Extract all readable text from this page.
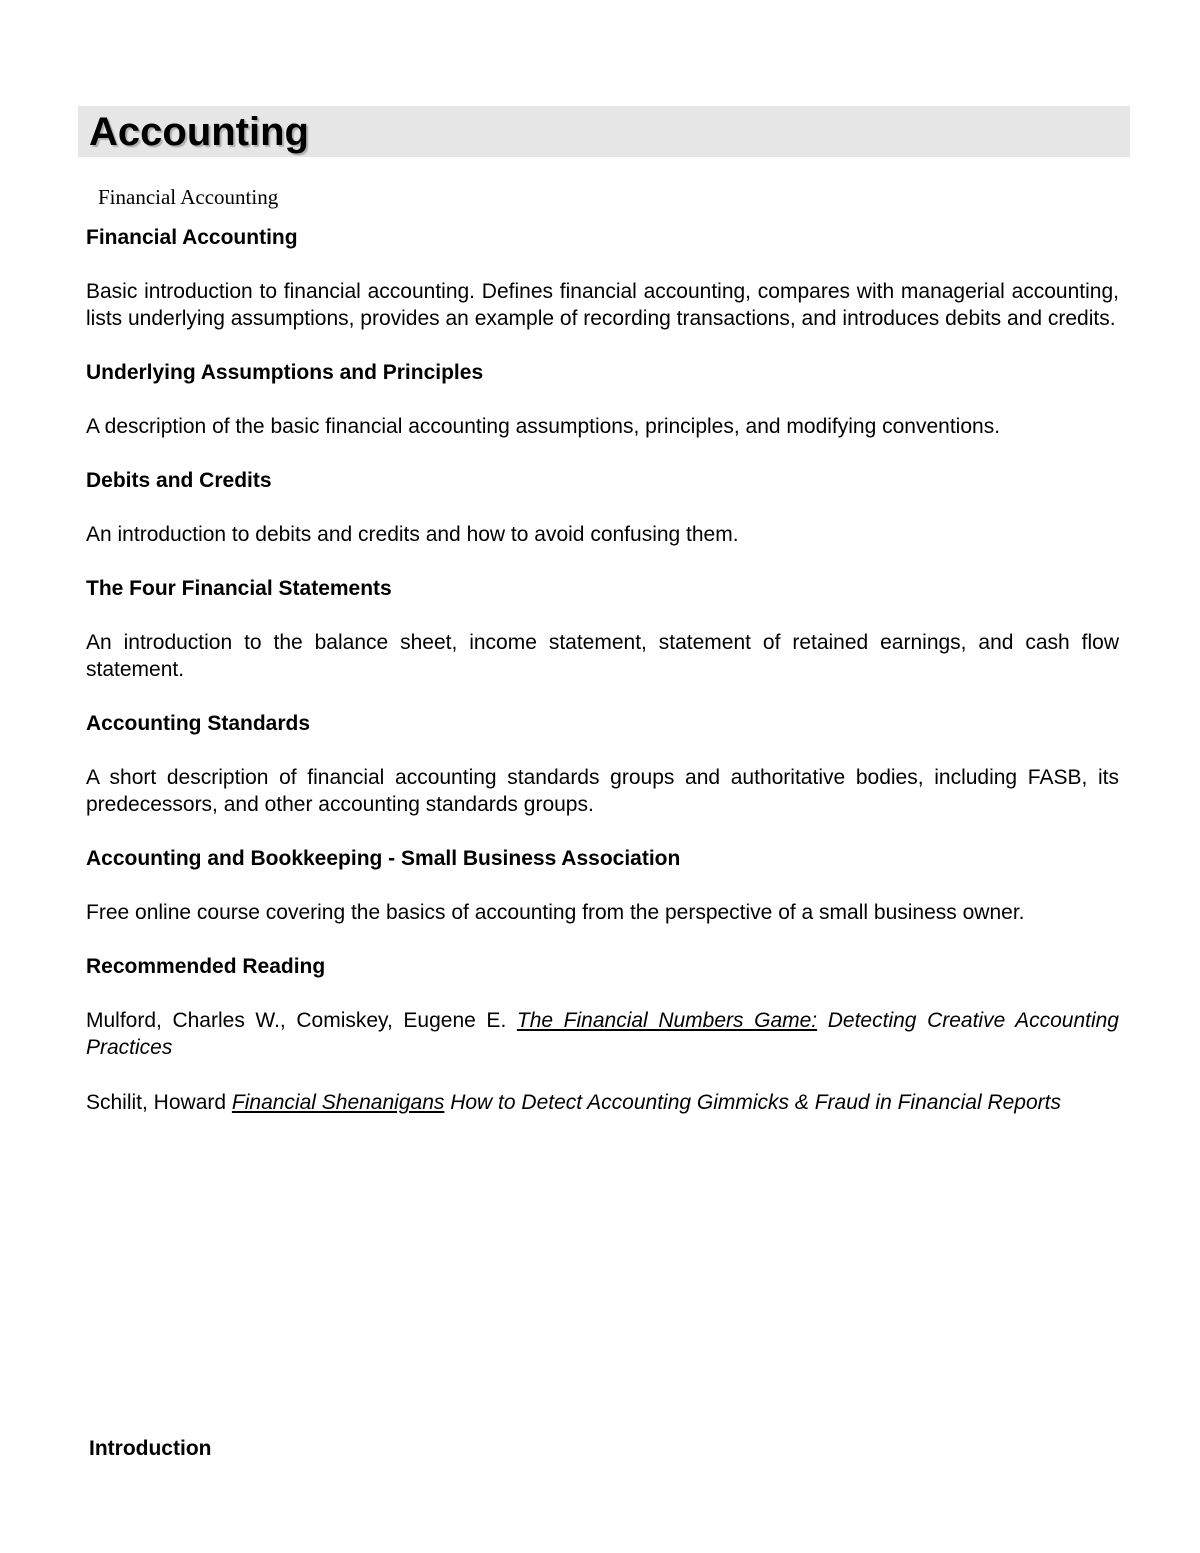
Accounting

Financial Accounting

Financial Accounting

Basic introduction to financial accounting. Defines financial accounting, compares with managerial accounting, lists underlying assumptions, provides an example of recording transactions, and introduces debits and credits.

Underlying Assumptions and Principles

A description of the basic financial accounting assumptions, principles, and modifying conventions.

Debits and Credits

An introduction to debits and credits and how to avoid confusing them.

The Four Financial Statements

An introduction to the balance sheet, income statement, statement of retained earnings, and cash flow statement.

Accounting Standards

A short description of financial accounting standards groups and authoritative bodies, including FASB, its predecessors, and other accounting standards groups.

Accounting and Bookkeeping - Small Business Association

Free online course covering the basics of accounting from the perspective of a small business owner.

Recommended Reading

Mulford, Charles W., Comiskey, Eugene E. The Financial Numbers Game: Detecting Creative Accounting Practices

Schilit, Howard Financial Shenanigans How to Detect Accounting Gimmicks & Fraud in Financial Reports

Introduction
